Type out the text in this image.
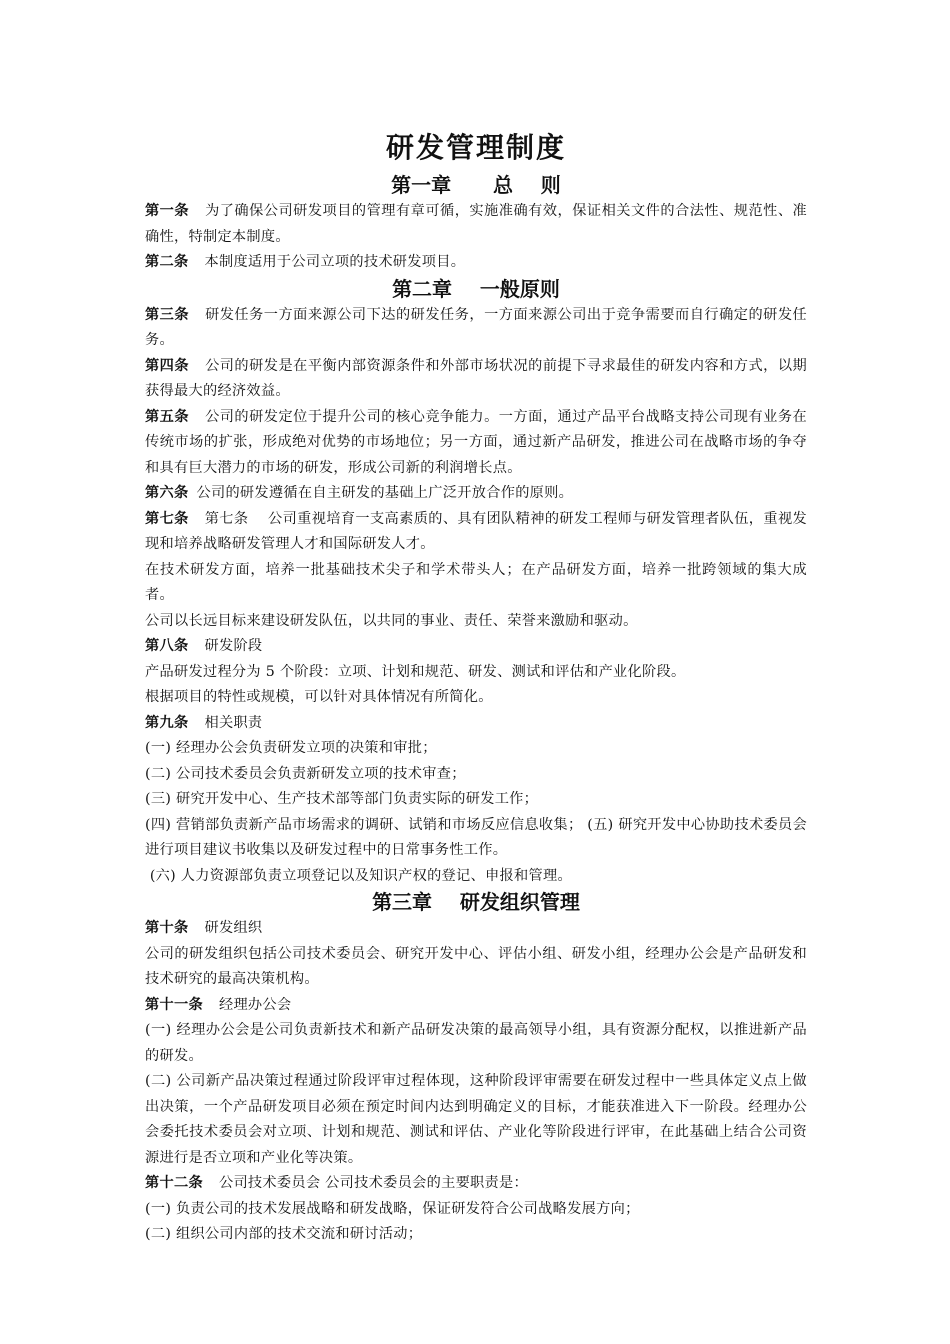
研发管理制度
第一章      总    则

第一条 为了确保公司研发项目的管理有章可循，实施准确有效，保证相关文件的合法性、规范性、准确性，特制定本制度。

第二条 本制度适用于公司立项的技术研发项目。

第二章    一般原则

第三条 研发任务一方面来源公司下达的研发任务，一方面来源公司出于竞争需要而自行确定的研发任务。

第四条 公司的研发是在平衡内部资源条件和外部市场状况的前提下寻求最佳的研发内容和方式，以期获得最大的经济效益。

第五条 公司的研发定位于提升公司的核心竞争能力。一方面，通过产品平台战略支持公司现有业务在传统市场的扩张，形成绝对优势的市场地位；另一方面，通过新产品研发，推进公司在战略市场的争夺和具有巨大潜力的市场的研发，形成公司新的利润增长点。

第六条 公司的研发遵循在自主研发的基础上广泛开放合作的原则。

第七条 第七条    公司重视培育一支高素质的、具有团队精神的研发工程师与研发管理者队伍，重视发现和培养战略研发管理人才和国际研发人才。

在技术研发方面，培养一批基础技术尖子和学术带头人；在产品研发方面，培养一批跨领域的集大成者。

公司以长远目标来建设研发队伍，以共同的事业、责任、荣誉来激励和驱动。

第八条 研发阶段

产品研发过程分为 5 个阶段：立项、计划和规范、研发、测试和评估和产业化阶段。

根据项目的特性或规模，可以针对具体情况有所简化。

第九条 相关职责

(一) 经理办公会负责研发立项的决策和审批；

(二) 公司技术委员会负责新研发立项的技术审查；

(三) 研究开发中心、生产技术部等部门负责实际的研发工作；

(四) 营销部负责新产品市场需求的调研、试销和市场反应信息收集； (五) 研究开发中心协助技术委员会进行项目建议书收集以及研发过程中的日常事务性工作。

(六) 人力资源部负责立项登记以及知识产权的登记、申报和管理。

第三章    研发组织管理

第十条 研发组织

公司的研发组织包括公司技术委员会、研究开发中心、评估小组、研发小组，经理办公会是产品研发和技术研究的最高决策机构。

第十一条 经理办公会

(一) 经理办公会是公司负责新技术和新产品研发决策的最高领导小组，具有资源分配权，以推进新产品的研发。

(二) 公司新产品决策过程通过阶段评审过程体现，这种阶段评审需要在研发过程中一些具体定义点上做出决策，一个产品研发项目必须在预定时间内达到明确定义的目标，才能获准进入下一阶段。经理办公会委托技术委员会对立项、计划和规范、测试和评估、产业化等阶段进行评审，在此基础上结合公司资源进行是否立项和产业化等决策。

第十二条 公司技术委员会 公司技术委员会的主要职责是：

(一) 负责公司的技术发展战略和研发战略，保证研发符合公司战略发展方向；

(二) 组织公司内部的技术交流和研讨活动；
